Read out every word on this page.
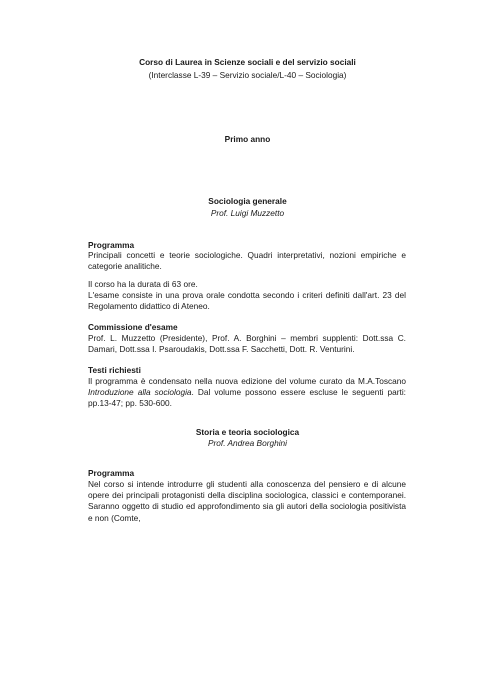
Corso di Laurea in Scienze sociali e del servizio sociali
(Interclasse L-39 – Servizio sociale/L-40 – Sociologia)
Primo anno
Sociologia generale
Prof. Luigi Muzzetto
Programma
Principali concetti e teorie sociologiche. Quadri interpretativi, nozioni empiriche e categorie analitiche.
Il corso ha la durata di 63 ore.
L'esame consiste in una prova orale condotta secondo i criteri definiti dall'art. 23 del Regolamento didattico di Ateneo.
Commissione d'esame
Prof. L. Muzzetto (Presidente), Prof. A. Borghini – membri supplenti: Dott.ssa C. Damari, Dott.ssa I. Psaroudakis, Dott.ssa F. Sacchetti, Dott. R. Venturini.
Testi richiesti
Il programma è condensato nella nuova edizione del volume curato da M.A.Toscano Introduzione alla sociologia. Dal volume possono essere escluse le seguenti parti: pp.13-47; pp. 530-600.
Storia e teoria sociologica
Prof. Andrea Borghini
Programma
Nel corso si intende introdurre gli studenti alla conoscenza del pensiero e di alcune opere dei principali protagonisti della disciplina sociologica, classici e contemporanei. Saranno oggetto di studio ed approfondimento sia gli autori della sociologia positivista e non (Comte,
